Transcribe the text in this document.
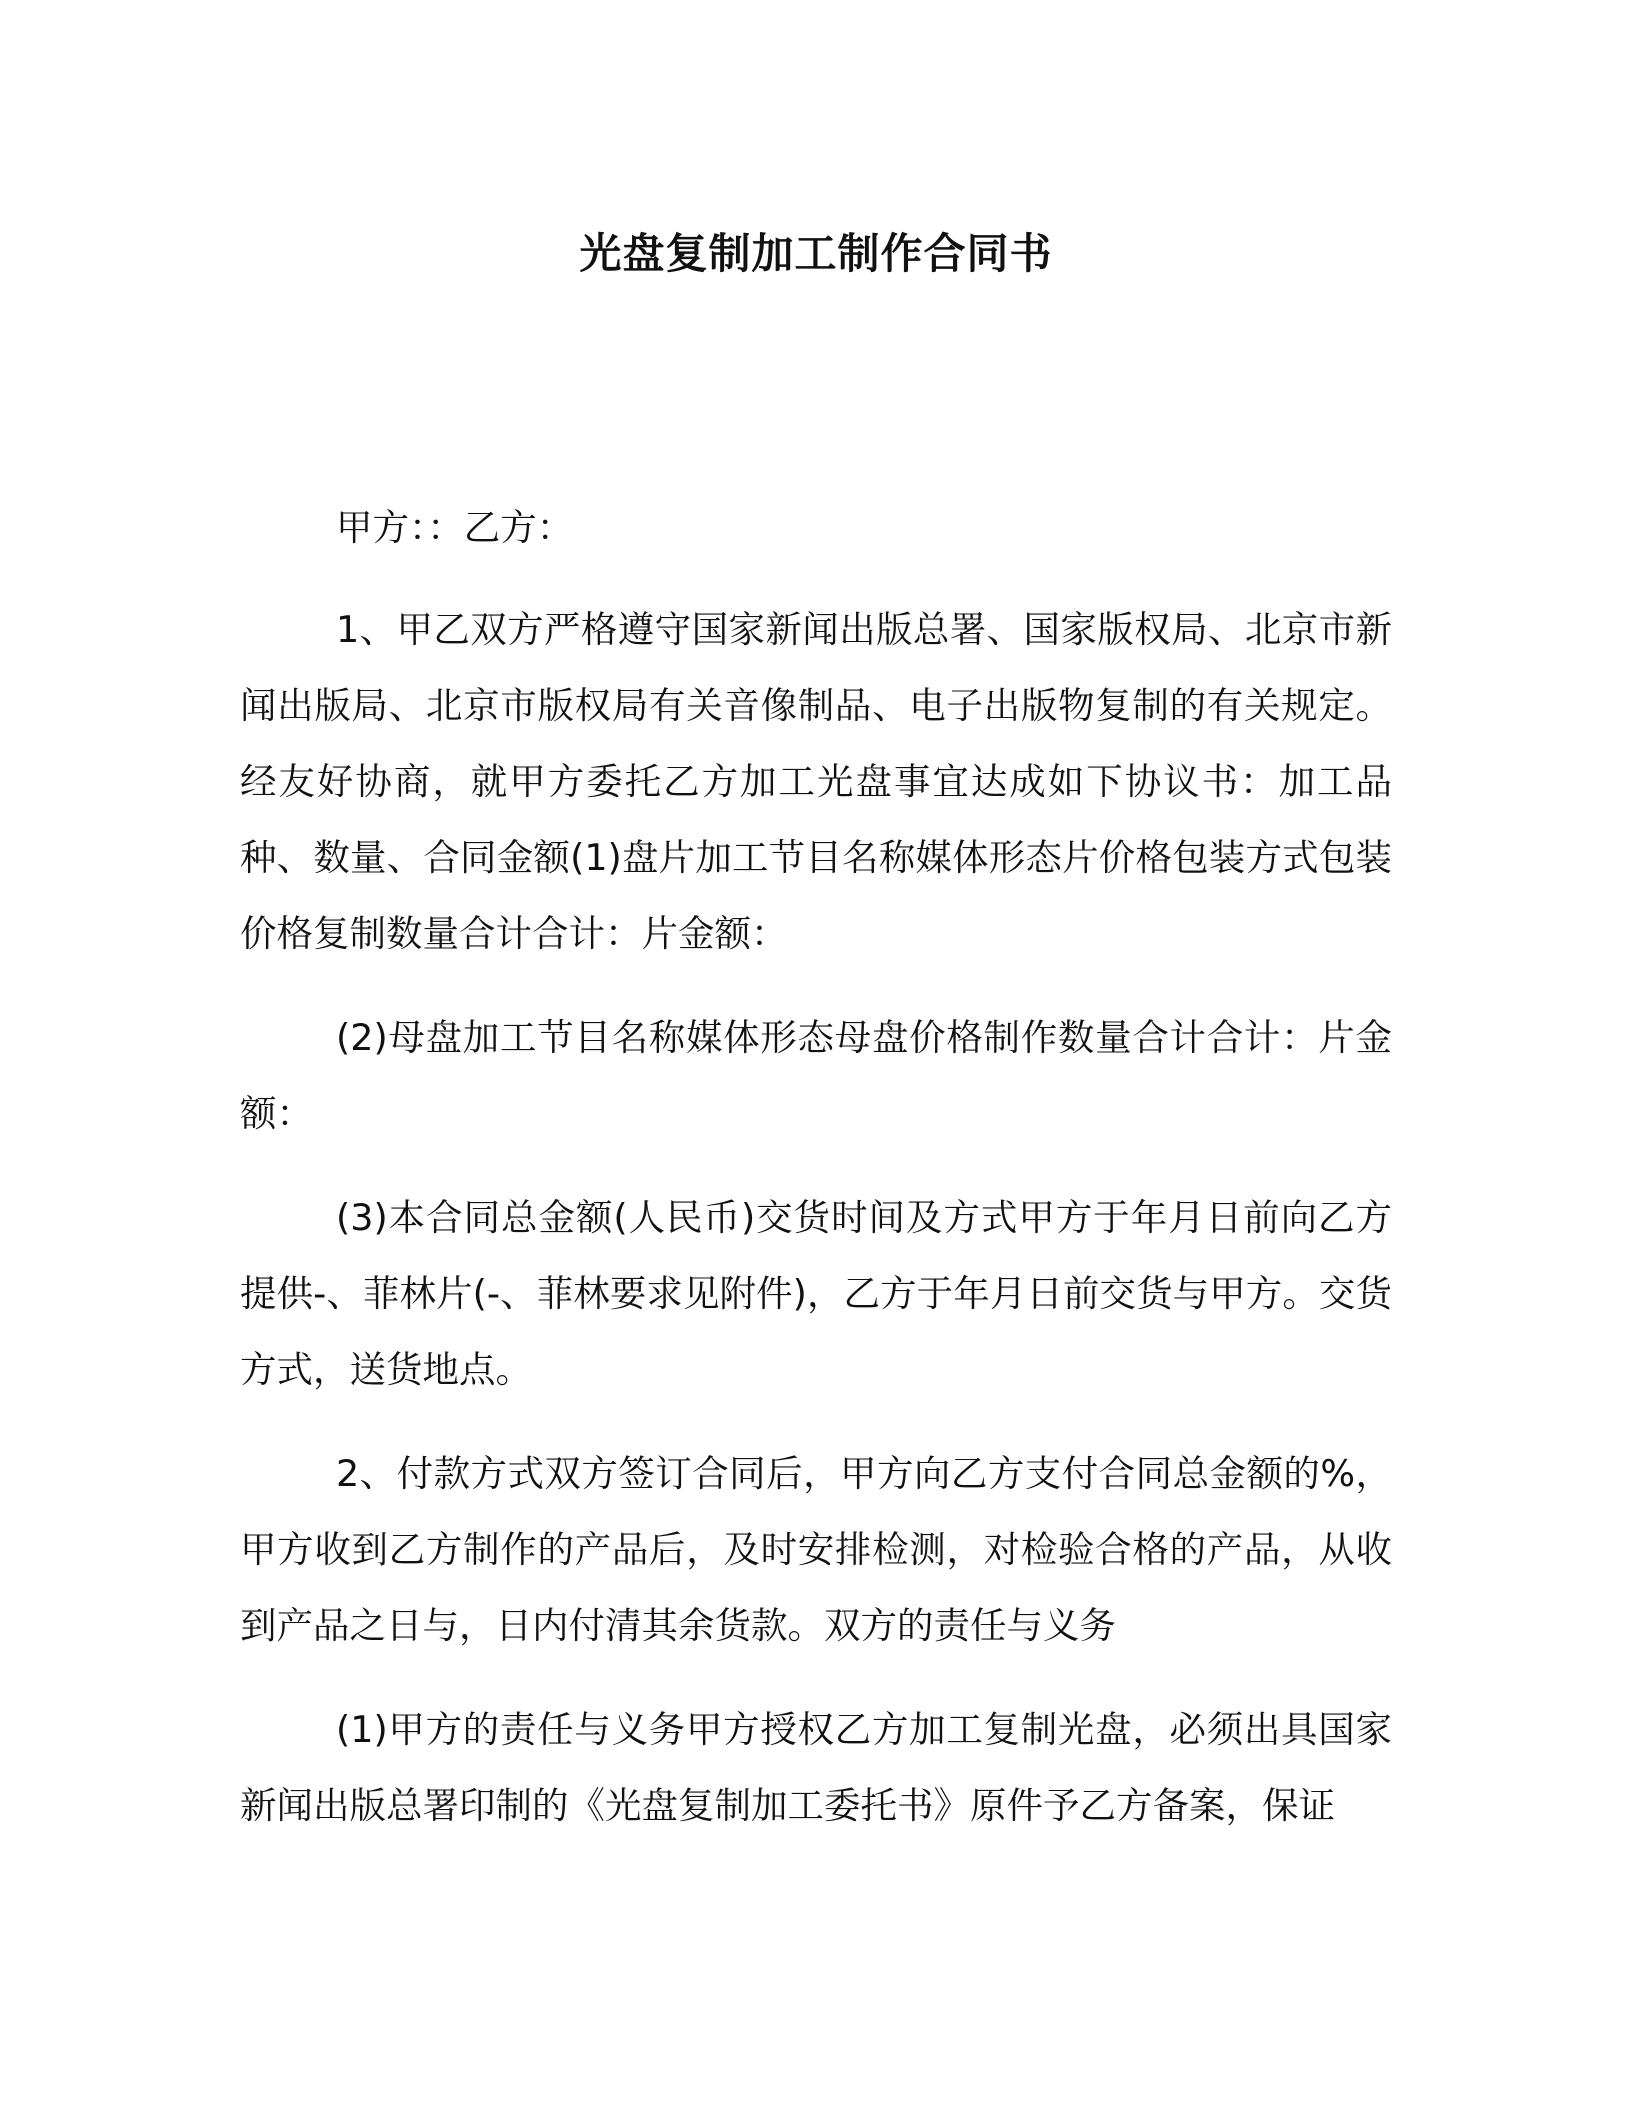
光盘复制加工制作合同书

甲方：：乙方：

1、甲乙双方严格遵守国家新闻出版总署、国家版权局、北京市新闻出版局、北京市版权局有关音像制品、电子出版物复制的有关规定。经友好协商，就甲方委托乙方加工光盘事宜达成如下协议书：加工品种、数量、合同金额(1)盘片加工节目名称媒体形态片价格包装方式包装价格复制数量合计合计：片金额：

(2)母盘加工节目名称媒体形态母盘价格制作数量合计合计：片金额：

(3)本合同总金额(人民币)交货时间及方式甲方于年月日前向乙方提供-、菲林片(-、菲林要求见附件)，乙方于年月日前交货与甲方。交货方式，送货地点。

2、付款方式双方签订合同后，甲方向乙方支付合同总金额的%，甲方收到乙方制作的产品后，及时安排检测，对检验合格的产品，从收到产品之日与，日内付清其余货款。双方的责任与义务

(1)甲方的责任与义务甲方授权乙方加工复制光盘，必须出具国家新闻出版总署印制的《光盘复制加工委托书》原件予乙方备案，保证
